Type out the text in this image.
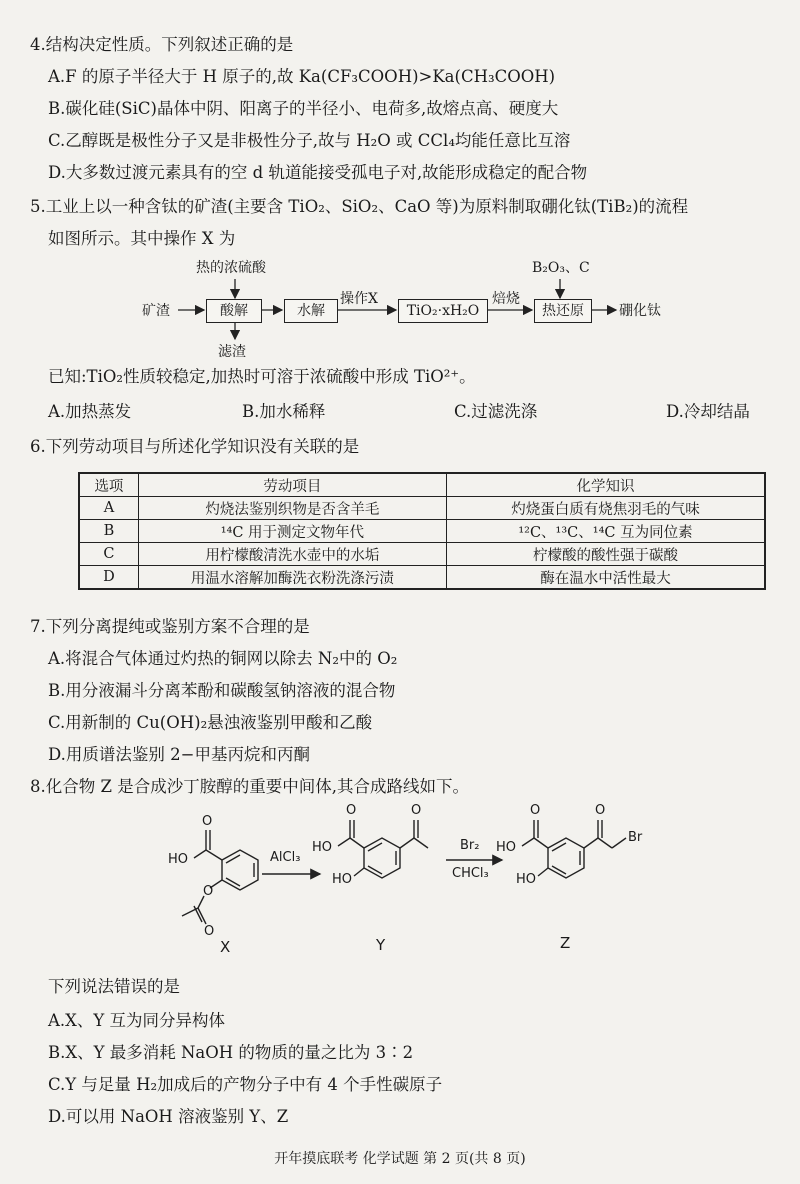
4.结构决定性质。下列叙述正确的是
A.F 的原子半径大于 H 原子的,故 Ka(CF₃COOH)>Ka(CH₃COOH)
B.碳化硅(SiC)晶体中阴、阳离子的半径小、电荷多,故熔点高、硬度大
C.乙醇既是极性分子又是非极性分子,故与 H₂O 或 CCl₄均能任意比互溶
D.大多数过渡元素具有的空 d 轨道能接受孤电子对,故能形成稳定的配合物
5.工业上以一种含钛的矿渣(主要含 TiO₂、SiO₂、CaO 等)为原料制取硼化钛(TiB₂)的流程
如图所示。其中操作 X 为
热的浓硫酸	B₂O₃、C
矿渣	酸解	水解
操作X
TiO₂·xH₂O
焙烧
热还原	硼化钛
滤渣
已知:TiO₂性质较稳定,加热时可溶于浓硫酸中形成 TiO²⁺。
A.加热蒸发	B.加水稀释	C.过滤洗涤	D.冷却结晶
6.下列劳动项目与所述化学知识没有关联的是
选项	劳动项目	化学知识
A	灼烧法鉴别织物是否含羊毛	灼烧蛋白质有烧焦羽毛的气味
B	¹⁴C 用于测定文物年代	¹²C、¹³C、¹⁴C 互为同位素
C	用柠檬酸清洗水壶中的水垢	柠檬酸的酸性强于碳酸
D	用温水溶解加酶洗衣粉洗涤污渍	酶在温水中活性最大
7.下列分离提纯或鉴别方案不合理的是
A.将混合气体通过灼热的铜网以除去 N₂中的 O₂
B.用分液漏斗分离苯酚和碳酸氢钠溶液的混合物
C.用新制的 Cu(OH)₂悬浊液鉴别甲酸和乙酸
D.用质谱法鉴别 2−甲基丙烷和丙酮
8.化合物 Z 是合成沙丁胺醇的重要中间体,其合成路线如下。
O
HO
O
O
AlCl₃
O
HO
HO
O
Br₂
CHCl₃
O
HO
HO
O
Br
X	Y	Z
下列说法错误的是
A.X、Y 互为同分异构体
B.X、Y 最多消耗 NaOH 的物质的量之比为 3∶2
C.Y 与足量 H₂加成后的产物分子中有 4 个手性碳原子
D.可以用 NaOH 溶液鉴别 Y、Z
开年摸底联考 化学试题 第 2 页(共 8 页)
